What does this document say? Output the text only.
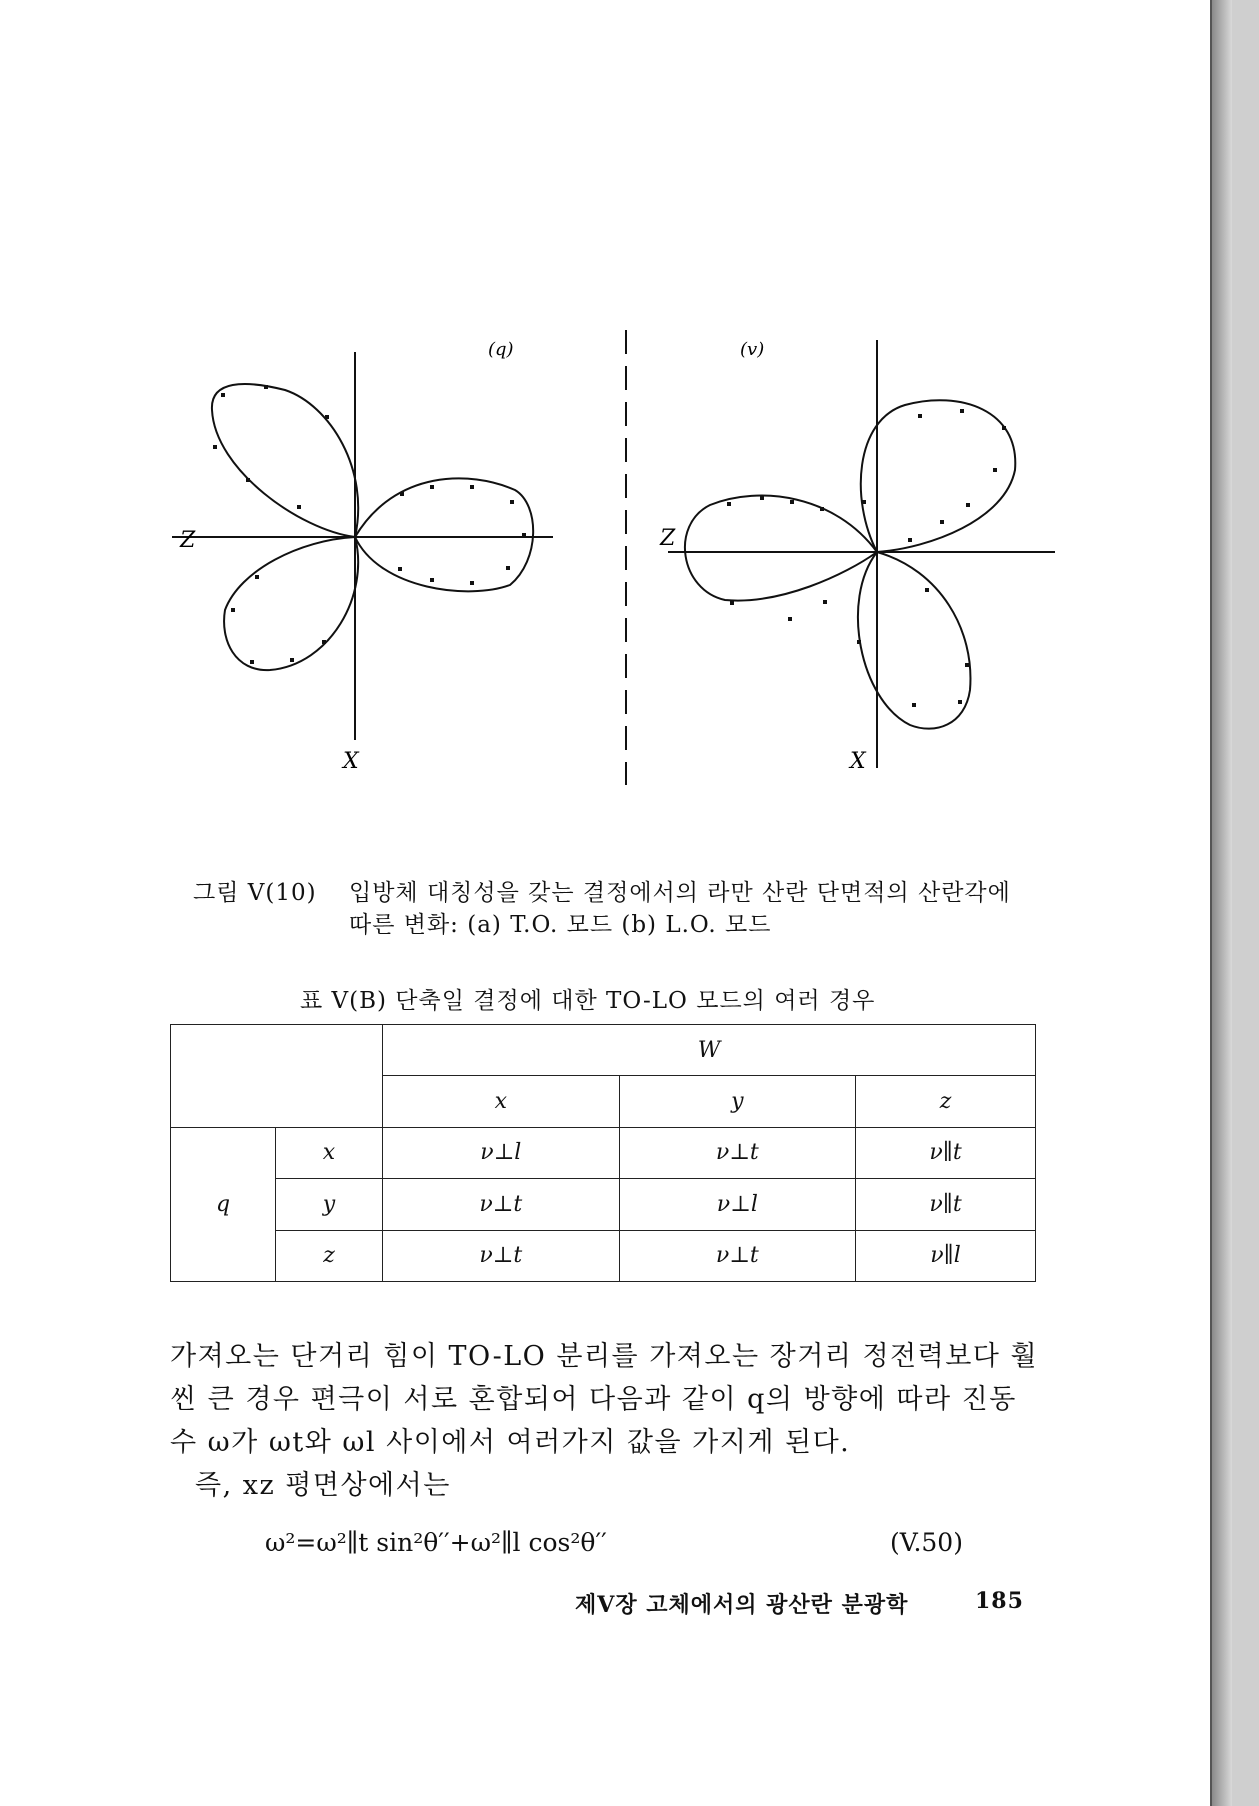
(q)
Z
X
(v)
Z
X
그림 V(10) 입방체 대칭성을 갖는 결정에서의 라만 산란 단면적의 산란각에
따른 변화: (a) T.O. 모드 (b) L.O. 모드
표 V(B) 단축일 결정에 대한 TO-LO 모드의 여러 경우
		W		
		x	y	z
q	x	ν⊥l	ν⊥t	ν∥t
	y	ν⊥t	ν⊥l	ν∥t
	z	ν⊥t	ν⊥t	ν∥l
가져오는 단거리 힘이 TO-LO 분리를 가져오는 장거리 정전력보다 훨
씬 큰 경우 편극이 서로 혼합되어 다음과 같이 q의 방향에 따라 진동
수 ω가 ωt와 ωl 사이에서 여러가지 값을 가지게 된다.
즉, xz 평면상에서는
ω²=ω²∥t sin²θ′′+ω²∥l cos²θ′′	(V.50)
제V장 고체에서의 광산란 분광학	185
